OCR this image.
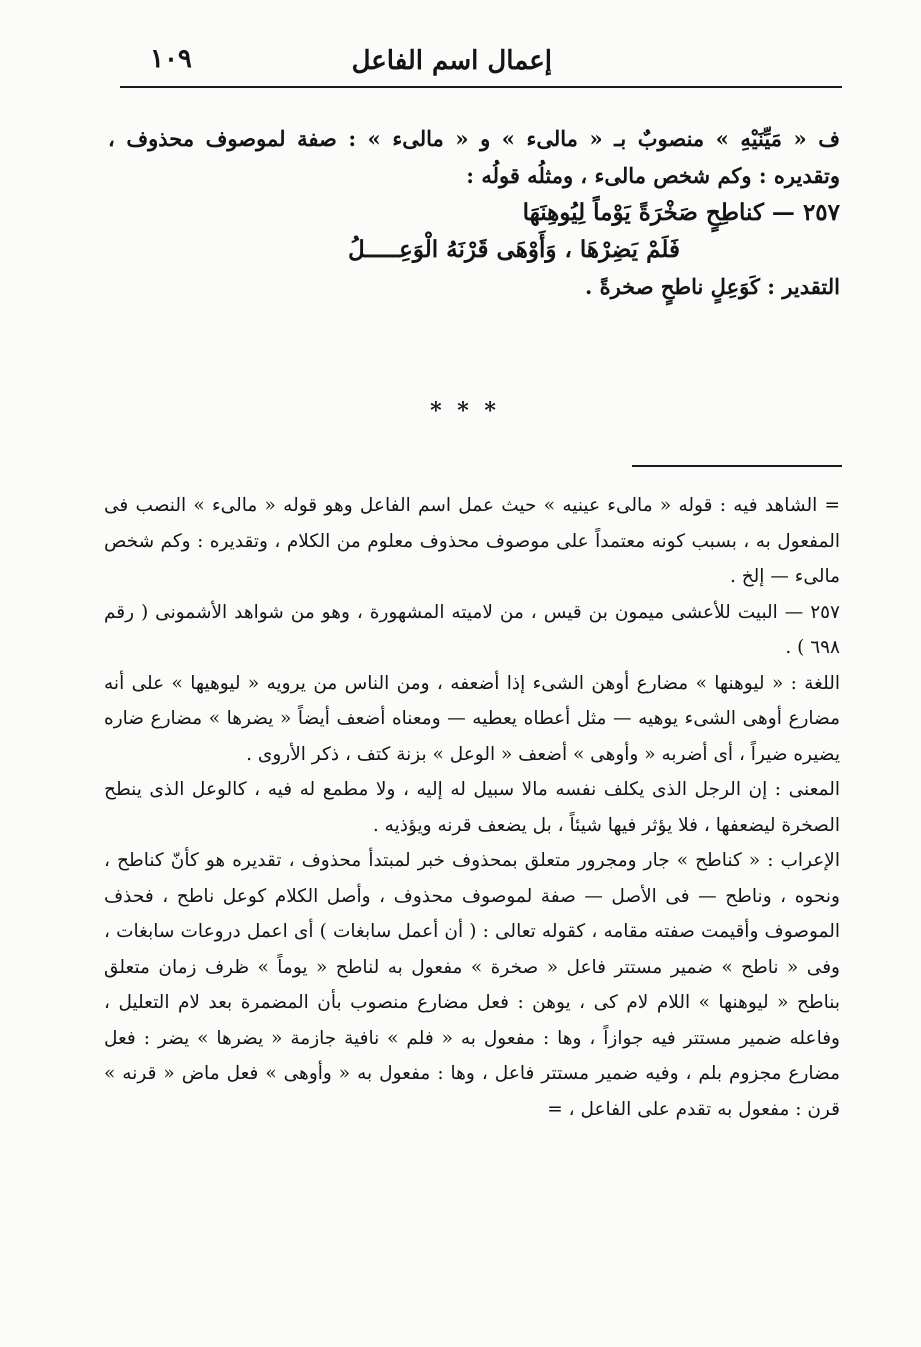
إعمال اسم الفاعل
١٠٩

ف « مَيِّنَيْهِ » منصوبٌ بـ « مالىء » و « مالىء » : صفة لموصوف محذوف ، وتقديره : وكم شخص مالىء ، ومثلُه قولُه :

٢٥٧ — كناطِحٍ صَخْرَةً يَوْماً لِيُوهِنَهَا

فَلَمْ يَضِرْهَا ، وَأَوْهَى قَرْنَهُ الْوَعِـــــلُ

التقدير : كَوَعِلٍ ناطحٍ صخرةً .

* * *

= الشاهد فيه : قوله « مالىء عينيه » حيث عمل اسم الفاعل وهو قوله « مالىء » النصب فى المفعول به ، بسبب كونه معتمداً على موصوف محذوف معلوم من الكلام ، وتقديره : وكم شخص مالىء — إلخ .

٢٥٧ — البيت للأعشى ميمون بن قيس ، من لاميته المشهورة ، وهو من شواهد الأشمونى ( رقم ٦٩٨ ) .

اللغة : « ليوهنها » مضارع أوهن الشىء إذا أضعفه ، ومن الناس من يرويه « ليوهيها » على أنه مضارع أوهى الشىء يوهيه — مثل أعطاه يعطيه — ومعناه أضعف أيضاً « يضرها » مضارع ضاره يضيره ضيراً ، أى أضربه « وأوهى » أضعف « الوعل » بزنة كتف ، ذكر الأروى .

المعنى : إن الرجل الذى يكلف نفسه مالا سبيل له إليه ، ولا مطمع له فيه ، كالوعل الذى ينطح الصخرة ليضعفها ، فلا يؤثر فيها شيئاً ، بل يضعف قرنه ويؤذيه .

الإعراب : « كناطح » جار ومجرور متعلق بمحذوف خبر لمبتدأ محذوف ، تقديره هو كأنّ كناطح ، ونحوه ، وناطح — فى الأصل — صفة لموصوف محذوف ، وأصل الكلام كوعل ناطح ، فحذف الموصوف وأقيمت صفته مقامه ، كقوله تعالى : ( أن أعمل سابغات ) أى اعمل دروعات سابغات ، وفى « ناطح » ضمير مستتر فاعل « صخرة » مفعول به لناطح « يوماً » ظرف زمان متعلق بناطح « ليوهنها » اللام لام كى ، يوهن : فعل مضارع منصوب بأن المضمرة بعد لام التعليل ، وفاعله ضمير مستتر فيه جوازاً ، وها : مفعول به « فلم » نافية جازمة « يضرها » يضر : فعل مضارع مجزوم بلم ، وفيه ضمير مستتر فاعل ، وها : مفعول به « وأوهى » فعل ماض « قرنه » قرن : مفعول به تقدم على الفاعل ، =
